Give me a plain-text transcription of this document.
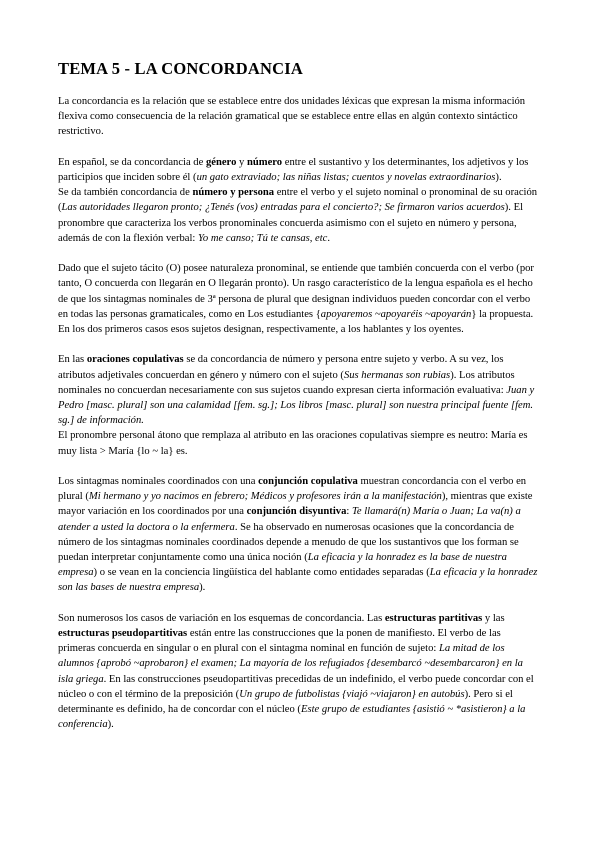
TEMA 5 - LA CONCORDANCIA

La concordancia es la relación que se establece entre dos unidades léxicas que expresan la misma información flexiva como consecuencia de la relación gramatical que se establece entre ellas en algún contexto sintáctico restrictivo.

En español, se da concordancia de género y número entre el sustantivo y los determinantes, los adjetivos y los participios que inciden sobre él (un gato extraviado; las niñas listas; cuentos y novelas extraordinarios).

Se da también concordancia de número y persona entre el verbo y el sujeto nominal o pronominal de su oración (Las autoridades llegaron pronto; ¿Tenés (vos) entradas para el concierto?; Se firmaron varios acuerdos). El pronombre que caracteriza los verbos pronominales concuerda asimismo con el sujeto en número y persona, además de con la flexión verbal: Yo me canso; Tú te cansas, etc.

Dado que el sujeto tácito (O) posee naturaleza pronominal, se entiende que también concuerda con el verbo (por tanto, O concuerda con llegarán en O llegarán pronto). Un rasgo característico de la lengua española es el hecho de que los sintagmas nominales de 3ª persona de plural que designan individuos pueden concordar con el verbo en todas las personas gramaticales, como en Los estudiantes {apoyaremos ~apoyaréis ~apoyarán} la propuesta. En los dos primeros casos esos sujetos designan, respectivamente, a los hablantes y los oyentes.

En las oraciones copulativas se da concordancia de número y persona entre sujeto y verbo. A su vez, los atributos adjetivales concuerdan en género y número con el sujeto (Sus hermanas son rubias). Los atributos nominales no concuerdan necesariamente con sus sujetos cuando expresan cierta información evaluativa: Juan y Pedro [masc. plural] son una calamidad [fem. sg.]; Los libros [masc. plural] son nuestra principal fuente [fem. sg.] de información.

El pronombre personal átono que remplaza al atributo en las oraciones copulativas siempre es neutro: María es muy lista > María {lo ~ la} es.

Los sintagmas nominales coordinados con una conjunción copulativa muestran concordancia con el verbo en plural (Mi hermano y yo nacimos en febrero; Médicos y profesores irán a la manifestación), mientras que existe mayor variación en los coordinados por una conjunción disyuntiva: Te llamará(n) María o Juan; La va(n) a atender a usted la doctora o la enfermera. Se ha observado en numerosas ocasiones que la concordancia de número de los sintagmas nominales coordinados depende a menudo de que los sustantivos que los forman se puedan interpretar conjuntamente como una única noción (La eficacia y la honradez es la base de nuestra empresa) o se vean en la conciencia lingüística del hablante como entidades separadas (La eficacia y la honradez son las bases de nuestra empresa).

Son numerosos los casos de variación en los esquemas de concordancia. Las estructuras partitivas y las estructuras pseudopartitivas están entre las construcciones que la ponen de manifiesto. El verbo de las primeras concuerda en singular o en plural con el sintagma nominal en función de sujeto: La mitad de los alumnos {aprobó ~aprobaron} el examen; La mayoría de los refugiados {desembarcó ~desembarcaron} en la isla griega. En las construcciones pseudopartitivas precedidas de un indefinido, el verbo puede concordar con el núcleo o con el término de la preposición (Un grupo de futbolistas {viajó ~viajaron} en autobús). Pero si el determinante es definido, ha de concordar con el núcleo (Este grupo de estudiantes {asistió ~ *asistieron} a la conferencia).
